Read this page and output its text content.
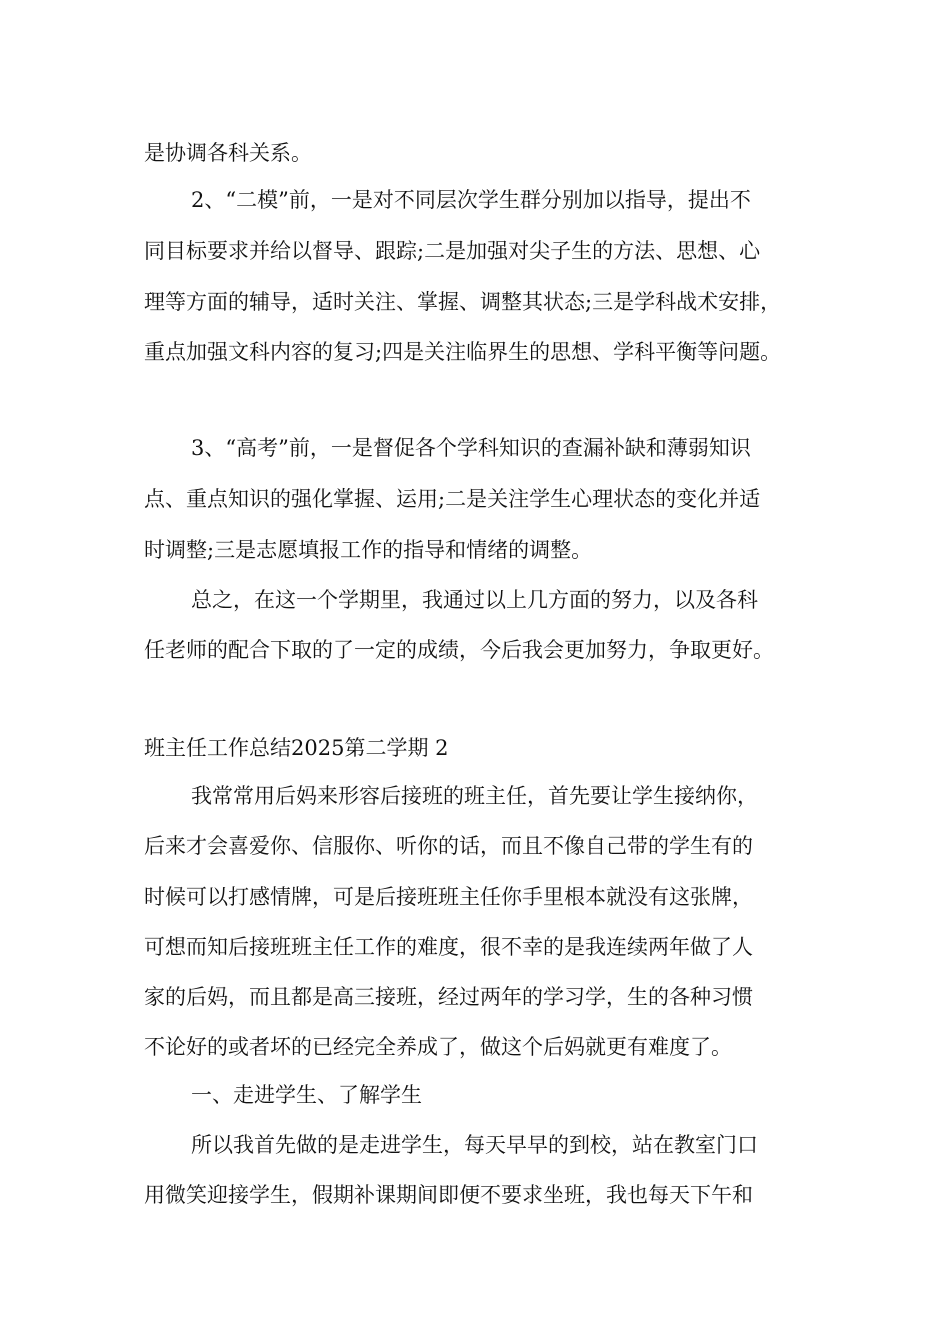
是协调各科关系。
2、“二模”前，一是对不同层次学生群分别加以指导，提出不
同目标要求并给以督导、跟踪;二是加强对尖子生的方法、思想、心
理等方面的辅导，适时关注、掌握、调整其状态;三是学科战术安排，
重点加强文科内容的复习;四是关注临界生的思想、学科平衡等问题。
3、“高考”前，一是督促各个学科知识的查漏补缺和薄弱知识
点、重点知识的强化掌握、运用;二是关注学生心理状态的变化并适
时调整;三是志愿填报工作的指导和情绪的调整。
总之，在这一个学期里，我通过以上几方面的努力，以及各科
任老师的配合下取的了一定的成绩，今后我会更加努力，争取更好。
班主任工作总结2025第二学期 2
我常常用后妈来形容后接班的班主任，首先要让学生接纳你，
后来才会喜爱你、信服你、听你的话，而且不像自己带的学生有的
时候可以打感情牌，可是后接班班主任你手里根本就没有这张牌，
可想而知后接班班主任工作的难度，很不幸的是我连续两年做了人
家的后妈，而且都是高三接班，经过两年的学习学，生的各种习惯
不论好的或者坏的已经完全养成了，做这个后妈就更有难度了。
一、走进学生、了解学生
所以我首先做的是走进学生，每天早早的到校，站在教室门口
用微笑迎接学生，假期补课期间即便不要求坐班，我也每天下午和
